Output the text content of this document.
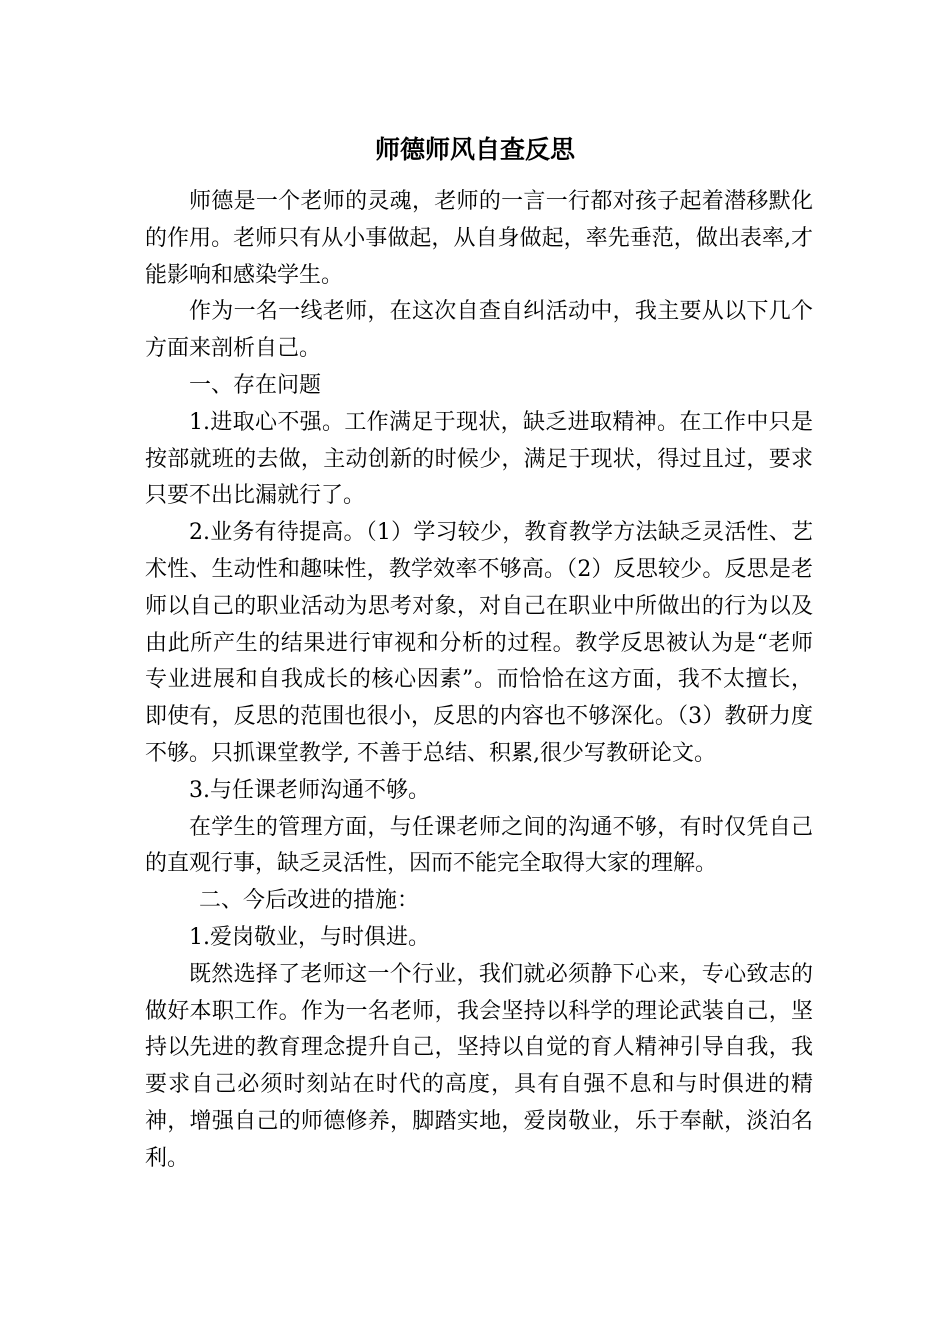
师德师风自查反思

师德是一个老师的灵魂，老师的一言一行都对孩子起着潜移默化的作用。老师只有从小事做起，从自身做起，率先垂范，做出表率,才能影响和感染学生。

作为一名一线老师，在这次自查自纠活动中，我主要从以下几个方面来剖析自己。

一、存在问题

1.进取心不强。工作满足于现状，缺乏进取精神。在工作中只是按部就班的去做，主动创新的时候少，满足于现状，得过且过，要求只要不出比漏就行了。

2.业务有待提高。（1）学习较少，教育教学方法缺乏灵活性、艺术性、生动性和趣味性，教学效率不够高。（2）反思较少。反思是老师以自己的职业活动为思考对象，对自己在职业中所做出的行为以及由此所产生的结果进行审视和分析的过程。教学反思被认为是“老师专业进展和自我成长的核心因素”。而恰恰在这方面，我不太擅长，即使有，反思的范围也很小，反思的内容也不够深化。（3）教研力度不够。只抓课堂教学, 不善于总结、积累,很少写教研论文。

3.与任课老师沟通不够。

在学生的管理方面，与任课老师之间的沟通不够，有时仅凭自己的直观行事，缺乏灵活性，因而不能完全取得大家的理解。

二、今后改进的措施：

1.爱岗敬业，与时俱进。

既然选择了老师这一个行业，我们就必须静下心来，专心致志的做好本职工作。作为一名老师，我会坚持以科学的理论武装自己，坚持以先进的教育理念提升自己，坚持以自觉的育人精神引导自我，我要求自己必须时刻站在时代的高度，具有自强不息和与时俱进的精神，增强自己的师德修养，脚踏实地，爱岗敬业，乐于奉献，淡泊名利。
